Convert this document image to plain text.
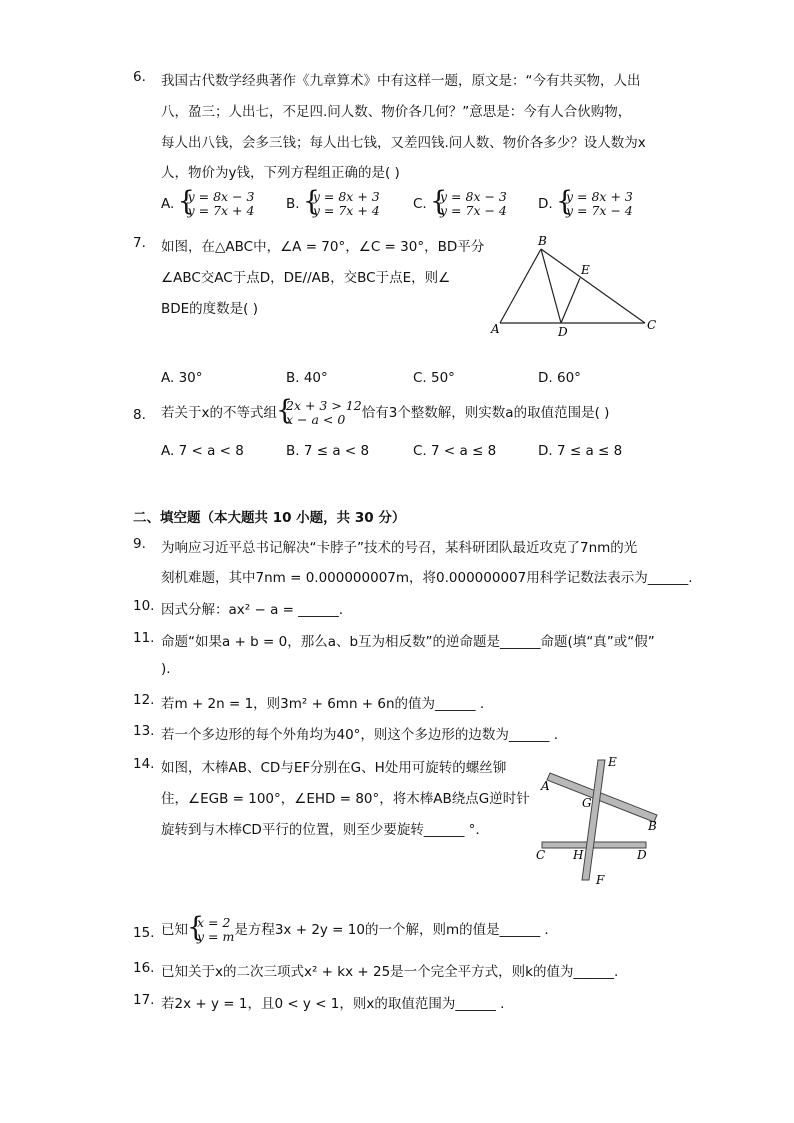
6. 我国古代数学经典著作《九章算术》中有这样一题，原文是：“今有共买物，人出
八，盈三；人出七，不足四.问人数、物价各几何？”意思是：今有人合伙购物，
每人出八钱，会多三钱；每人出七钱，又差四钱.问人数、物价各多少？设人数为x
人，物价为y钱，下列方程组正确的是( )
A. { y = 8x − 3
y = 7x + 4 B. { y = 8x + 3
y = 7x + 4 C. { y = 8x − 3
y = 7x − 4 D. { y = 8x + 3
y = 7x − 4
7. 如图，在△ABC中，∠A = 70°，∠C = 30°，BD平分
∠ABC交AC于点D，DE//AB，交BC于点E，则∠
BDE的度数是( )
B
E
A	D	C
A. 30°	B. 40°	C. 50°	D. 60°
8. 若关于x的不等式组 { 2x + 3 > 12
x − a < 0	恰有3个整数解，则实数a的取值范围是( )
A. 7 < a < 8	B. 7 ≤ a < 8	C. 7 < a ≤ 8	D. 7 ≤ a ≤ 8
二、填空题（本大题共 10 小题，共 30 分）
9. 为响应习近平总书记解决“卡脖子”技术的号召，某科研团队最近攻克了7nm的光
刻机难题，其中7nm = 0.000000007m，将0.000000007用科学记数法表示为______.
10. 因式分解：ax² − a = ______.
11. 命题“如果a + b = 0，那么a、b互为相反数”的逆命题是______命题(填“真”或“假”
).
12. 若m + 2n = 1，则3m² + 6mn + 6n的值为______ .
13. 若一个多边形的每个外角均为40°，则这个多边形的边数为______ .
14. 如图，木棒AB、CD与EF分别在G、H处用可旋转的螺丝铆
住，∠EGB = 100°，∠EHD = 80°，将木棒AB绕点G逆时针
旋转到与木棒CD平行的位置，则至少要旋转______ °.
E
A
G
B
C H	D
F
15. 已知 { x = 2
y = m 是方程3x + 2y = 10的一个解，则m的值是______ .
16. 已知关于x的二次三项式x² + kx + 25是一个完全平方式，则k的值为______.
17. 若2x + y = 1，且0 < y < 1，则x的取值范围为______ .
